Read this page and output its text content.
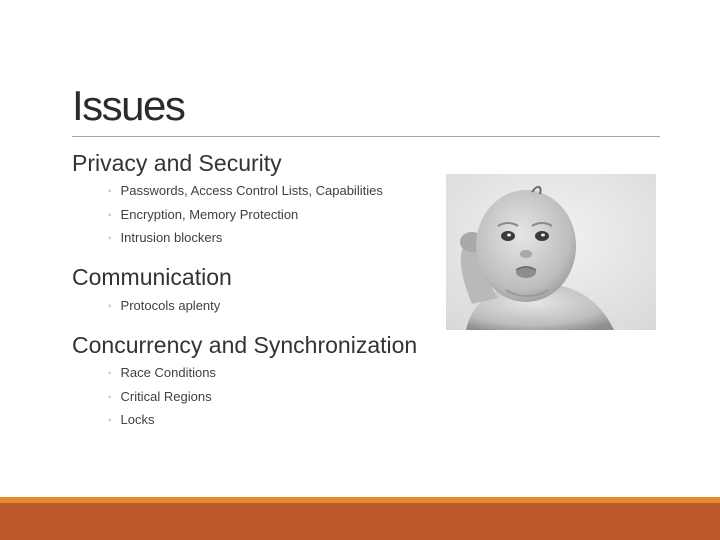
Issues
Privacy and Security
◦ Passwords, Access Control Lists, Capabilities
◦ Encryption, Memory Protection
◦ Intrusion blockers
Communication
◦ Protocols aplenty
Concurrency and Synchronization
◦ Race Conditions
◦ Critical Regions
◦ Locks
